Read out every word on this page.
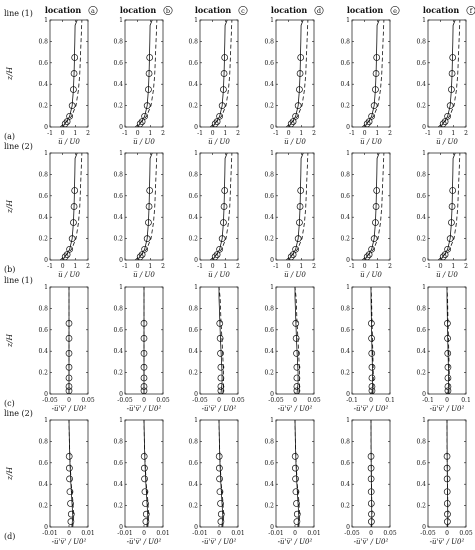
location a	location b	location c	location d	location e	location f
line (1)
(a)
z/H
0
0.2
0.4
0.6
0.8
1
-1 0 1 2
u̅ / U0
0
0.2
0.4
0.6
0.8
1
-1 0 1 2
u̅ / U0
0
0.2
0.4
0.6
0.8
1
-1 0 1 2
u̅ / U0
0
0.2
0.4
0.6
0.8
1
-1 0 1 2
u̅ / U0
0
0.2
0.4
0.6
0.8
1
-1 0 1 2
u̅ / U0
0
0.2
0.4
0.6
0.8
1
-1 0 1 2
u̅ / U0
line (2)
(b)
z/H
0
0.2
0.4
0.6
0.8
1
-1 0 1 2
u̅ / U0
0
0.2
0.4
0.6
0.8
1
-1 0 1 2
u̅ / U0
0
0.2
0.4
0.6
0.8
1
-1 0 1 2
u̅ / U0
0
0.2
0.4
0.6
0.8
1
-1 0 1 2
u̅ / U0
0
0.2
0.4
0.6
0.8
1
-1 0 1 2
u̅ / U0
0
0.2
0.4
0.6
0.8
1
-1 0 1 2
u̅ / U0
line (1)
(c)
z/H
0
0.2
0.4
0.6
0.8
1
-0.05 0 0.05
-u̅'v̅' / U0²
0
0.2
0.4
0.6
0.8
1
-0.05 0 0.05
-u̅'v̅' / U0²
0
0.2
0.4
0.6
0.8
1
-0.05 0 0.05
-u̅'v̅' / U0²
0
0.2
0.4
0.6
0.8
1
-0.05 0 0.05
-u̅'v̅' / U0²
0
0.2
0.4
0.6
0.8
1
-0.1 0 0.1
-u̅'v̅' / U0²
0
0.2
0.4
0.6
0.8
1
-0.1 0 0.1
-u̅'v̅' / U0²
line (2)
(d)
z/H
0
0.2
0.4
0.6
0.8
1
-0.01 0 0.01
-u̅'v̅' / U0²
0
0.2
0.4
0.6
0.8
1
-0.01 0 0.01
-u̅'v̅' / U0²
0
0.2
0.4
0.6
0.8
1
-0.01 0 0.01
-u̅'v̅' / U0²
0
0.2
0.4
0.6
0.8
1
-0.01 0 0.01
-u̅'v̅' / U0²
0
0.2
0.4
0.6
0.8
1
-0.05 0 0.05
-u̅'v̅' / U0²
0
0.2
0.4
0.6
0.8
1
-0.05 0 0.05
-u̅'v̅' / U0²
